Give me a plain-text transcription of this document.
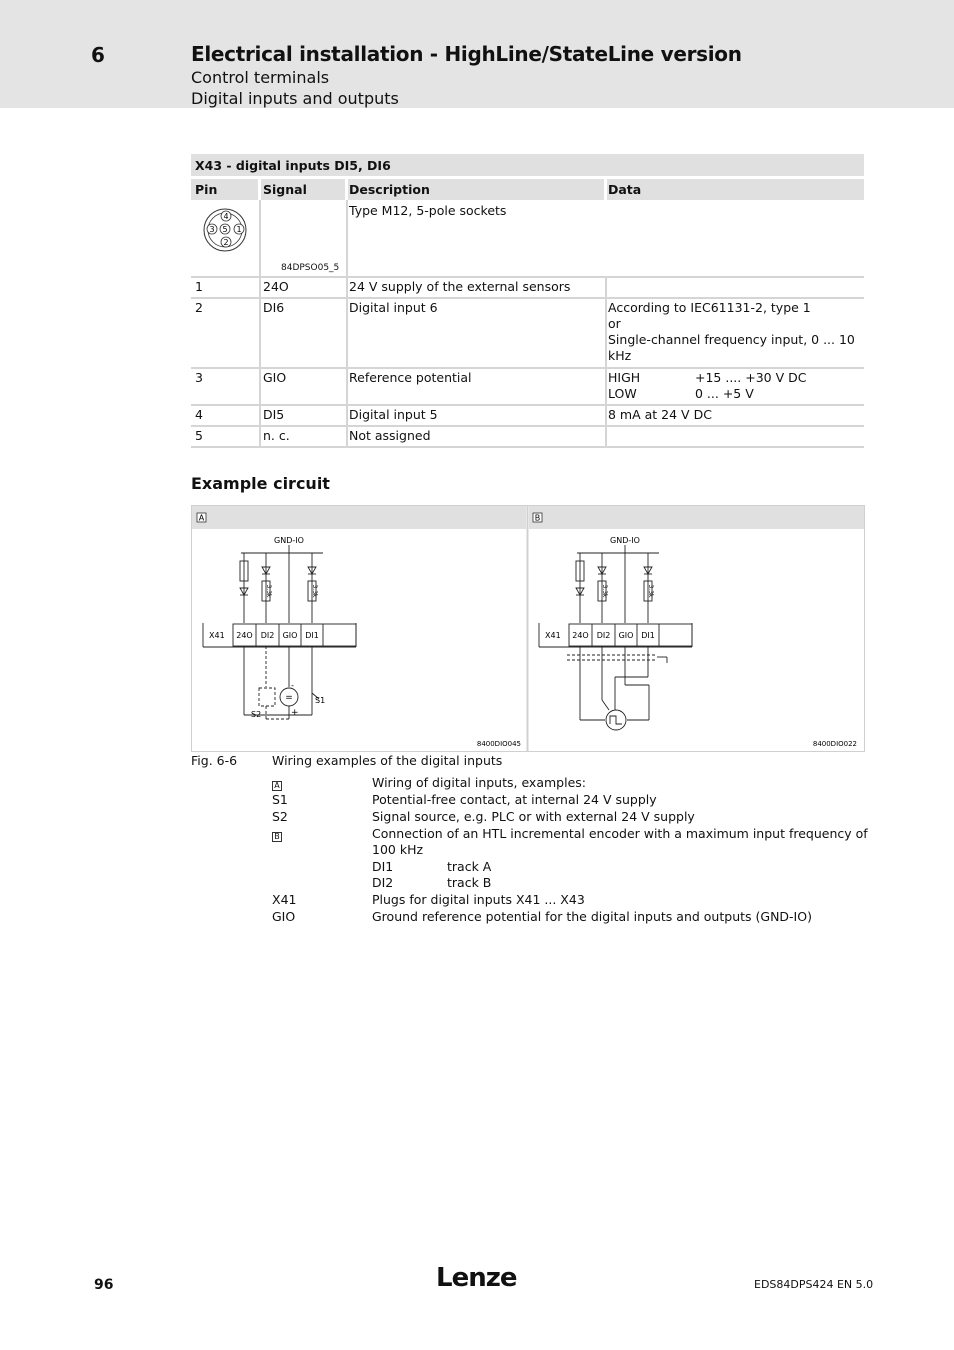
6	Electrical installation - HighLine/StateLine version
Control terminals
Digital inputs and outputs
X43 - digital inputs DI5, DI6
Pin	Signal	Description	Data
4
3 5 1
2
84DPSO05_5
Type M12, 5-pole sockets
1	24O	24 V supply of the external sensors
2	DI6	Digital input 6	According to IEC61131-2, type 1
or
Single-channel frequency input, 0 ... 10
kHz
3	GIO	Reference potential	HIGH	+15 .... +30 V DC
LOW	0 ... +5 V
4	DI5	Digital input 5	8 mA at 24 V DC
5	n. c.	Not assigned
Example circuit
A	B
GND-IO
X41 24O DI2 GIO DI1
3.3k	3.3k
=
-
+
S1
S2
8400DIO045
GND-IO
X41 24O DI2 GIO DI1
3.3k	3.3k
8400DIO022
Fig. 6-6	Wiring examples of the digital inputs
A	Wiring of digital inputs, examples:
S1	Potential-free contact, at internal 24 V supply
S2	Signal source, e.g. PLC or with external 24 V supply
B	Connection of an HTL incremental encoder with a maximum input frequency of
100 kHz
DI1	track A
DI2	track B
X41	Plugs for digital inputs X41 ... X43
GIO	Ground reference potential for the digital inputs and outputs (GND-IO)
96	Lenze	EDS84DPS424 EN 5.0
